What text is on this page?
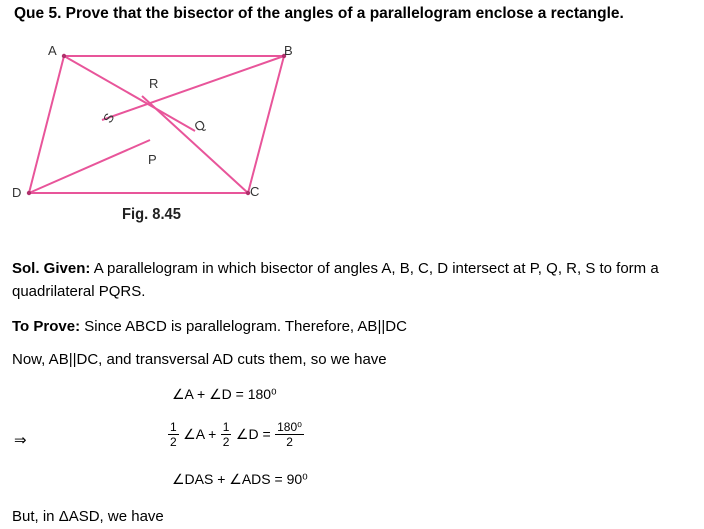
Que 5. Prove that the bisector of the angles of a parallelogram enclose a rectangle.
A	B
C
D
R
S	Q
P
Fig. 8.45
Sol. Given: A parallelogram in which bisector of angles A, B, C, D intersect at P, Q, R, S to form a quadrilateral PQRS.
To Prove: Since ABCD is parallelogram. Therefore, AB||DC
Now, AB||DC, and transversal AD cuts them, so we have
∠A + ∠D = 180⁰
⇒	$\frac{1}{2}$ ∠A + $\frac{1}{2}$ ∠D = $\frac{\text{180⁰}}{2}$
∠DAS + ∠ADS = 90⁰
But, in ΔASD, we have
